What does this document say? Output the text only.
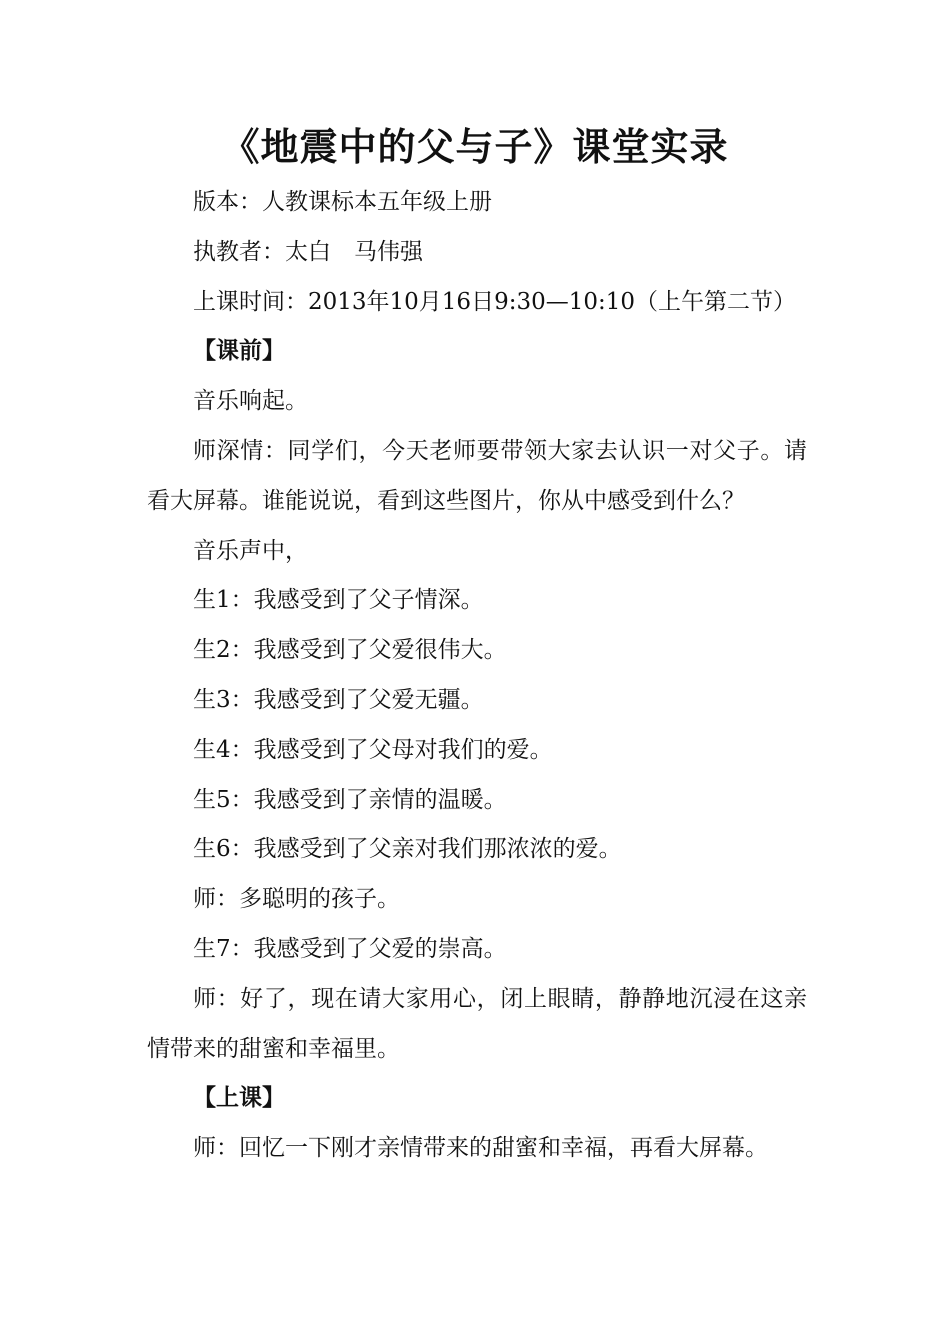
《地震中的父与子》课堂实录

版本：人教课标本五年级上册

执教者：太白　马伟强

上课时间：2013年10月16日9:30—10:10（上午第二节）

【课前】

音乐响起。

师深情：同学们，今天老师要带领大家去认识一对父子。请看大屏幕。谁能说说，看到这些图片，你从中感受到什么？

音乐声中，

生1：我感受到了父子情深。

生2：我感受到了父爱很伟大。

生3：我感受到了父爱无疆。

生4：我感受到了父母对我们的爱。

生5：我感受到了亲情的温暖。

生6：我感受到了父亲对我们那浓浓的爱。

师：多聪明的孩子。

生7：我感受到了父爱的崇高。

师：好了，现在请大家用心，闭上眼睛，静静地沉浸在这亲情带来的甜蜜和幸福里。

【上课】

师：回忆一下刚才亲情带来的甜蜜和幸福，再看大屏幕。
